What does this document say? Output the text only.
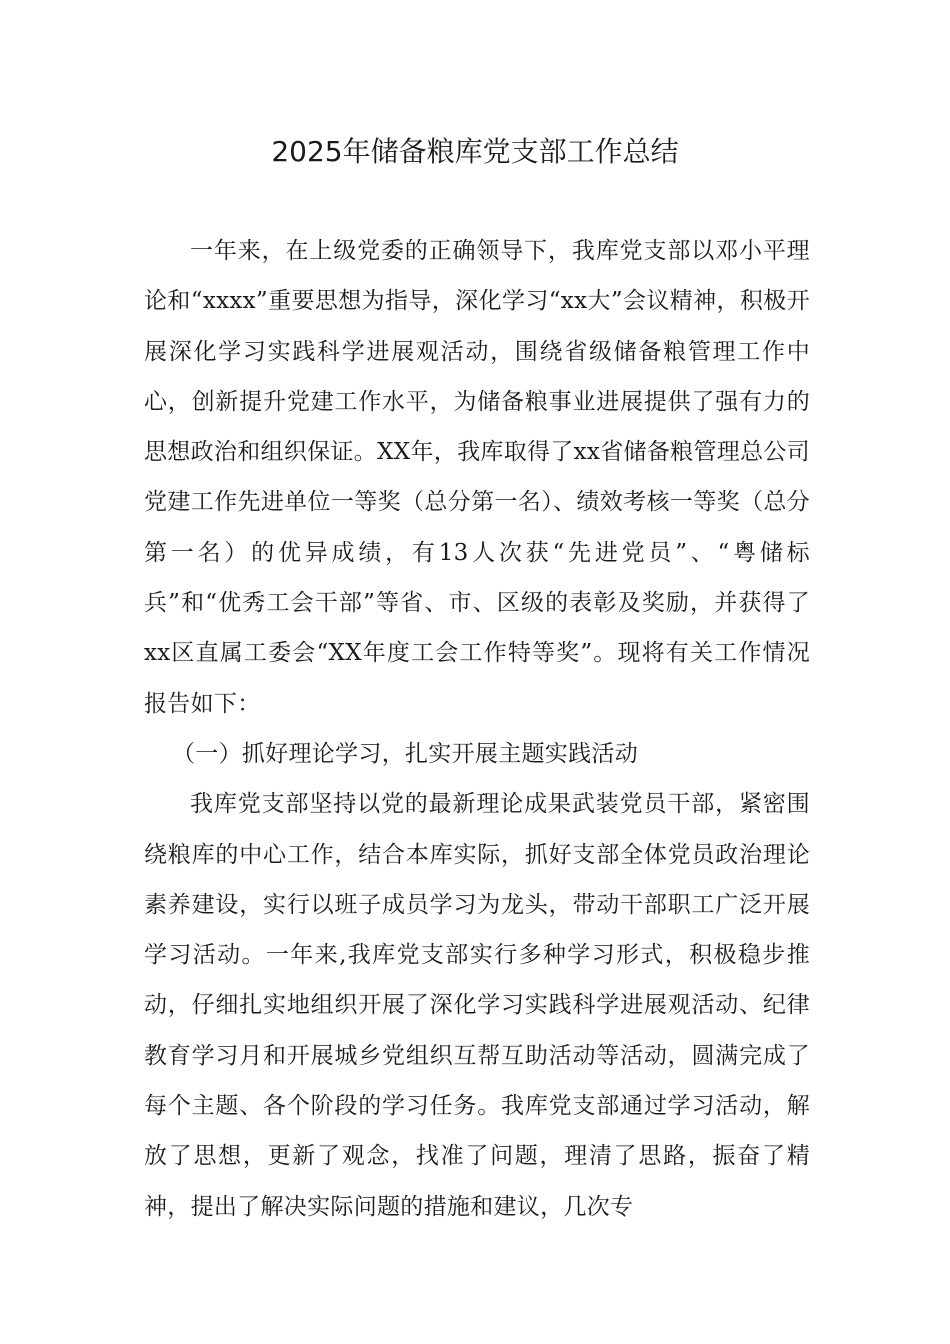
2025年储备粮库党支部工作总结

一年来，在上级党委的正确领导下，我库党支部以邓小平理论和“xxxx”重要思想为指导，深化学习“xx大”会议精神，积极开展深化学习实践科学进展观活动，围绕省级储备粮管理工作中心，创新提升党建工作水平，为储备粮事业进展提供了强有力的思想政治和组织保证。XX年，我库取得了xx省储备粮管理总公司党建工作先进单位一等奖（总分第一名）、绩效考核一等奖（总分第一名）的优异成绩，有13人次获“先进党员”、“粤储标兵”和“优秀工会干部”等省、市、区级的表彰及奖励，并获得了xx区直属工委会“XX年度工会工作特等奖”。现将有关工作情况报告如下：

（一）抓好理论学习，扎实开展主题实践活动

我库党支部坚持以党的最新理论成果武装党员干部，紧密围绕粮库的中心工作，结合本库实际，抓好支部全体党员政治理论素养建设，实行以班子成员学习为龙头，带动干部职工广泛开展学习活动。一年来,我库党支部实行多种学习形式，积极稳步推动，仔细扎实地组织开展了深化学习实践科学进展观活动、纪律教育学习月和开展城乡党组织互帮互助活动等活动，圆满完成了每个主题、各个阶段的学习任务。我库党支部通过学习活动，解放了思想，更新了观念，找准了问题，理清了思路，振奋了精神，提出了解决实际问题的措施和建议，几次专
